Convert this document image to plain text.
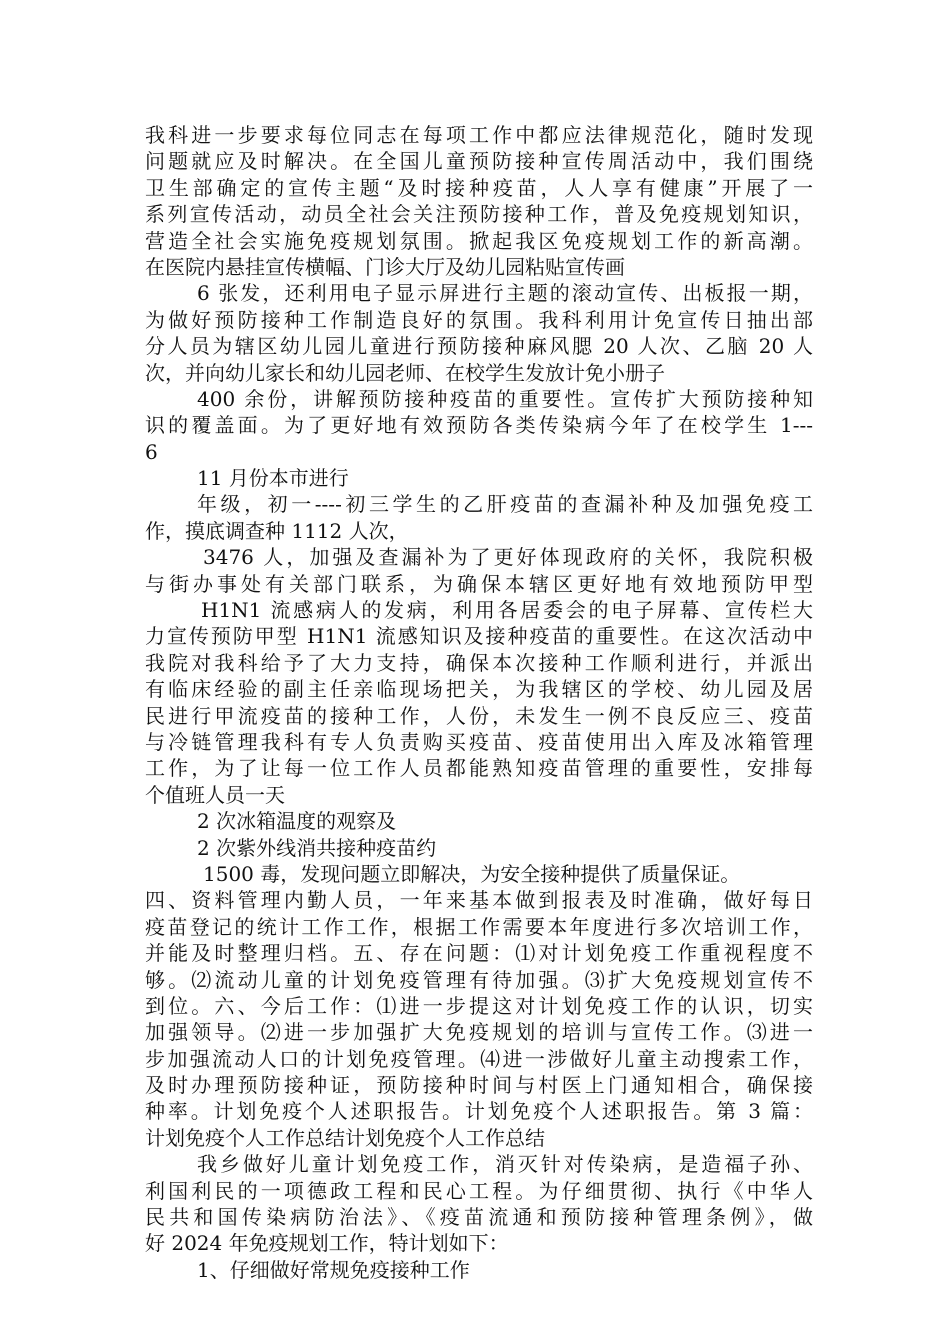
我科进一步要求每位同志在每项工作中都应法律规范化，随时发现
问题就应及时解决。在全国儿童预防接种宣传周活动中，我们围绕
卫生部确定的宣传主题“及时接种疫苗，人人享有健康”开展了一
系列宣传活动，动员全社会关注预防接种工作，普及免疫规划知识，
营造全社会实施免疫规划氛围。掀起我区免疫规划工作的新高潮。
在医院内悬挂宣传横幅、门诊大厅及幼儿园粘贴宣传画
6 张发，还利用电子显示屏进行主题的滚动宣传、出板报一期，
为做好预防接种工作制造良好的氛围。我科利用计免宣传日抽出部
分人员为辖区幼儿园儿童进行预防接种麻风腮 20 人次、乙脑 20 人
次，并向幼儿家长和幼儿园老师、在校学生发放计免小册子
400 余份，讲解预防接种疫苗的重要性。宣传扩大预防接种知
识的覆盖面。为了更好地有效预防各类传染病今年了在校学生 1---
6
11 月份本市进行
年级，初一----初三学生的乙肝疫苗的查漏补种及加强免疫工
作，摸底调查种 1112 人次，
3476 人，加强及查漏补为了更好体现政府的关怀，我院积极
与街办事处有关部门联系，为确保本辖区更好地有效地预防甲型
H1N1 流感病人的发病，利用各居委会的电子屏幕、宣传栏大
力宣传预防甲型 H1N1 流感知识及接种疫苗的重要性。在这次活动中
我院对我科给予了大力支持，确保本次接种工作顺利进行，并派出
有临床经验的副主任亲临现场把关，为我辖区的学校、幼儿园及居
民进行甲流疫苗的接种工作，人份，未发生一例不良反应三、疫苗
与冷链管理我科有专人负责购买疫苗、疫苗使用出入库及冰箱管理
工作，为了让每一位工作人员都能熟知疫苗管理的重要性，安排每
个值班人员一天
2 次冰箱温度的观察及
2 次紫外线消共接种疫苗约
1500 毒，发现问题立即解决，为安全接种提供了质量保证。
四、资料管理内勤人员，一年来基本做到报表及时准确，做好每日
疫苗登记的统计工作工作，根据工作需要本年度进行多次培训工作，
并能及时整理归档。五、存在问题：⑴对计划免疫工作重视程度不
够。⑵流动儿童的计划免疫管理有待加强。⑶扩大免疫规划宣传不
到位。六、今后工作：⑴进一步提这对计划免疫工作的认识，切实
加强领导。⑵进一步加强扩大免疫规划的培训与宣传工作。⑶进一
步加强流动人口的计划免疫管理。⑷进一涉做好儿童主动搜索工作，
及时办理预防接种证，预防接种时间与村医上门通知相合，确保接
种率。计划免疫个人述职报告。计划免疫个人述职报告。第 3 篇：
计划免疫个人工作总结计划免疫个人工作总结
我乡做好儿童计划免疫工作，消灭针对传染病，是造福子孙、
利国利民的一项德政工程和民心工程。为仔细贯彻、执行《中华人
民共和国传染病防治法》、《疫苗流通和预防接种管理条例》，做
好 2024 年免疫规划工作，特计划如下：
1、仔细做好常规免疫接种工作
